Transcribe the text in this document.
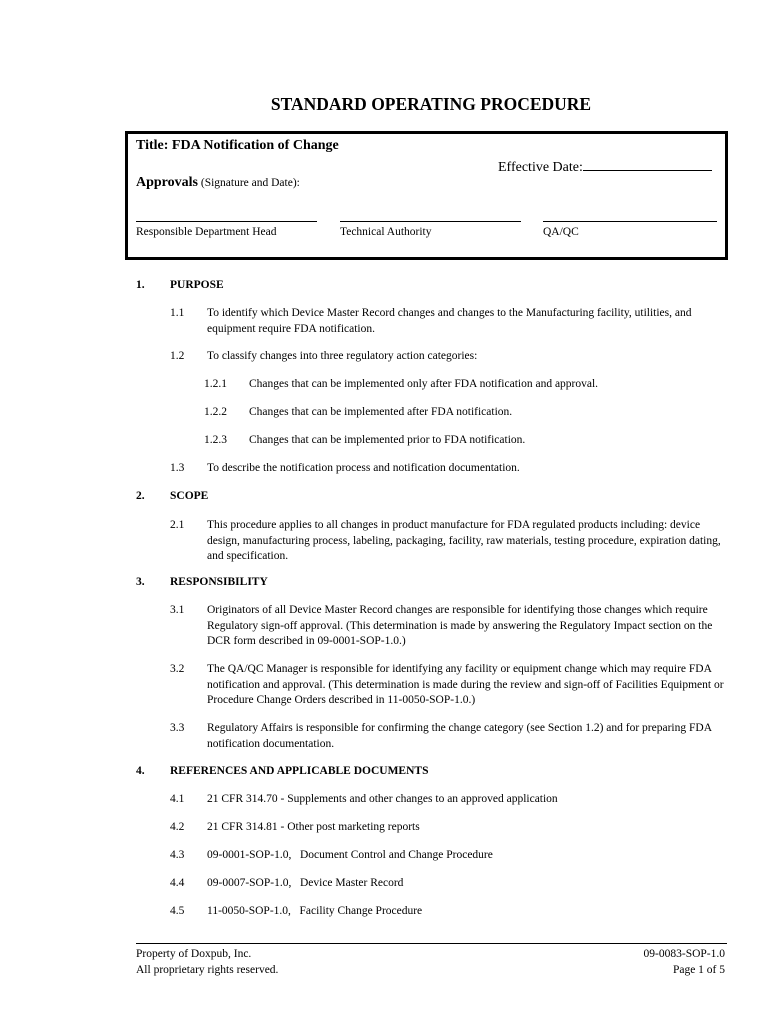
STANDARD OPERATING PROCEDURE
Title: FDA Notification of Change
Effective Date:
Approvals (Signature and Date):
Responsible Department Head	Technical Authority	QA/QC
1. PURPOSE
1.1 To identify which Device Master Record changes and changes to the Manufacturing facility, utilities, and equipment require FDA notification.
1.2 To classify changes into three regulatory action categories:
1.2.1 Changes that can be implemented only after FDA notification and approval.
1.2.2 Changes that can be implemented after FDA notification.
1.2.3 Changes that can be implemented prior to FDA notification.
1.3 To describe the notification process and notification documentation.
2. SCOPE
2.1 This procedure applies to all changes in product manufacture for FDA regulated products including: device design, manufacturing process, labeling, packaging, facility, raw materials, testing procedure, expiration dating, and specification.
3. RESPONSIBILITY
3.1 Originators of all Device Master Record changes are responsible for identifying those changes which require Regulatory sign-off approval. (This determination is made by answering the Regulatory Impact section on the DCR form described in 09-0001-SOP-1.0.)
3.2 The QA/QC Manager is responsible for identifying any facility or equipment change which may require FDA notification and approval. (This determination is made during the review and sign-off of Facilities Equipment or Procedure Change Orders described in 11-0050-SOP-1.0.)
3.3 Regulatory Affairs is responsible for confirming the change category (see Section 1.2) and for preparing FDA notification documentation.
4. REFERENCES AND APPLICABLE DOCUMENTS
4.1 21 CFR 314.70 - Supplements and other changes to an approved application
4.2 21 CFR 314.81 - Other post marketing reports
4.3 09-0001-SOP-1.0,   Document Control and Change Procedure
4.4 09-0007-SOP-1.0,   Device Master Record
4.5 11-0050-SOP-1.0,   Facility Change Procedure
Property of Doxpub, Inc.
All proprietary rights reserved.
09-0083-SOP-1.0
Page 1 of 5
